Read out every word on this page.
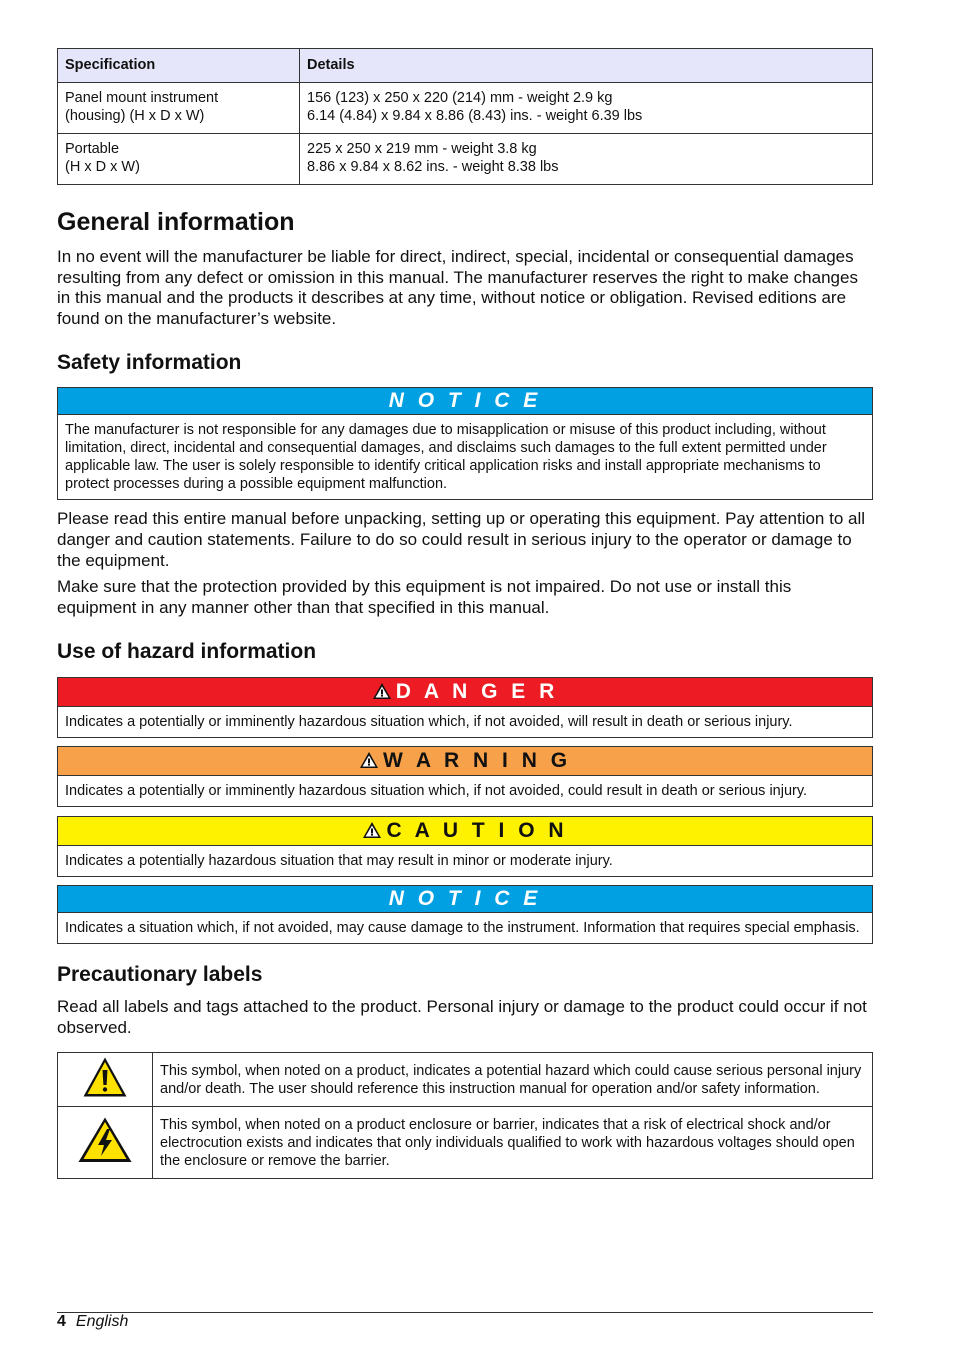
Specification	Details

Panel mount instrument
(housing) (H x D x W)	156 (123) x 250 x 220 (214) mm - weight 2.9 kg
6.14 (4.84) x 9.84 x 8.86 (8.43) ins. - weight 6.39 lbs

Portable
(H x D x W)	225 x 250 x 219 mm - weight 3.8 kg
8.86 x 9.84 x 8.62 ins. - weight 8.38 lbs
General information

In no event will the manufacturer be liable for direct, indirect, special, incidental or consequential damages resulting from any defect or omission in this manual. The manufacturer reserves the right to make changes in this manual and the products it describes at any time, without notice or obligation. Revised editions are found on the manufacturer’s website.

Safety information
N O T I C E
The manufacturer is not responsible for any damages due to misapplication or misuse of this product including, without limitation, direct, incidental and consequential damages, and disclaims such damages to the full extent permitted under applicable law. The user is solely responsible to identify critical application risks and install appropriate mechanisms to protect processes during a possible equipment malfunction.

Please read this entire manual before unpacking, setting up or operating this equipment. Pay attention to all danger and caution statements. Failure to do so could result in serious injury to the operator or damage to the equipment.

Make sure that the protection provided by this equipment is not impaired. Do not use or install this equipment in any manner other than that specified in this manual.

Use of hazard information
D A N G E R
Indicates a potentially or imminently hazardous situation which, if not avoided, will result in death or serious injury.
W A R N I N G
Indicates a potentially or imminently hazardous situation which, if not avoided, could result in death or serious injury.
C A U T I O N
Indicates a potentially hazardous situation that may result in minor or moderate injury.
N O T I C E
Indicates a situation which, if not avoided, may cause damage to the instrument. Information that requires special emphasis.
Precautionary labels

Read all labels and tags attached to the product. Personal injury or damage to the product could occur if not observed.

	This symbol, when noted on a product, indicates a potential hazard which could cause serious personal injury and/or death. The user should reference this instruction manual for operation and/or safety information.
	This symbol, when noted on a product enclosure or barrier, indicates that a risk of electrical shock and/or electrocution exists and indicates that only individuals qualified to work with hazardous voltages should open the enclosure or remove the barrier.
4 English
